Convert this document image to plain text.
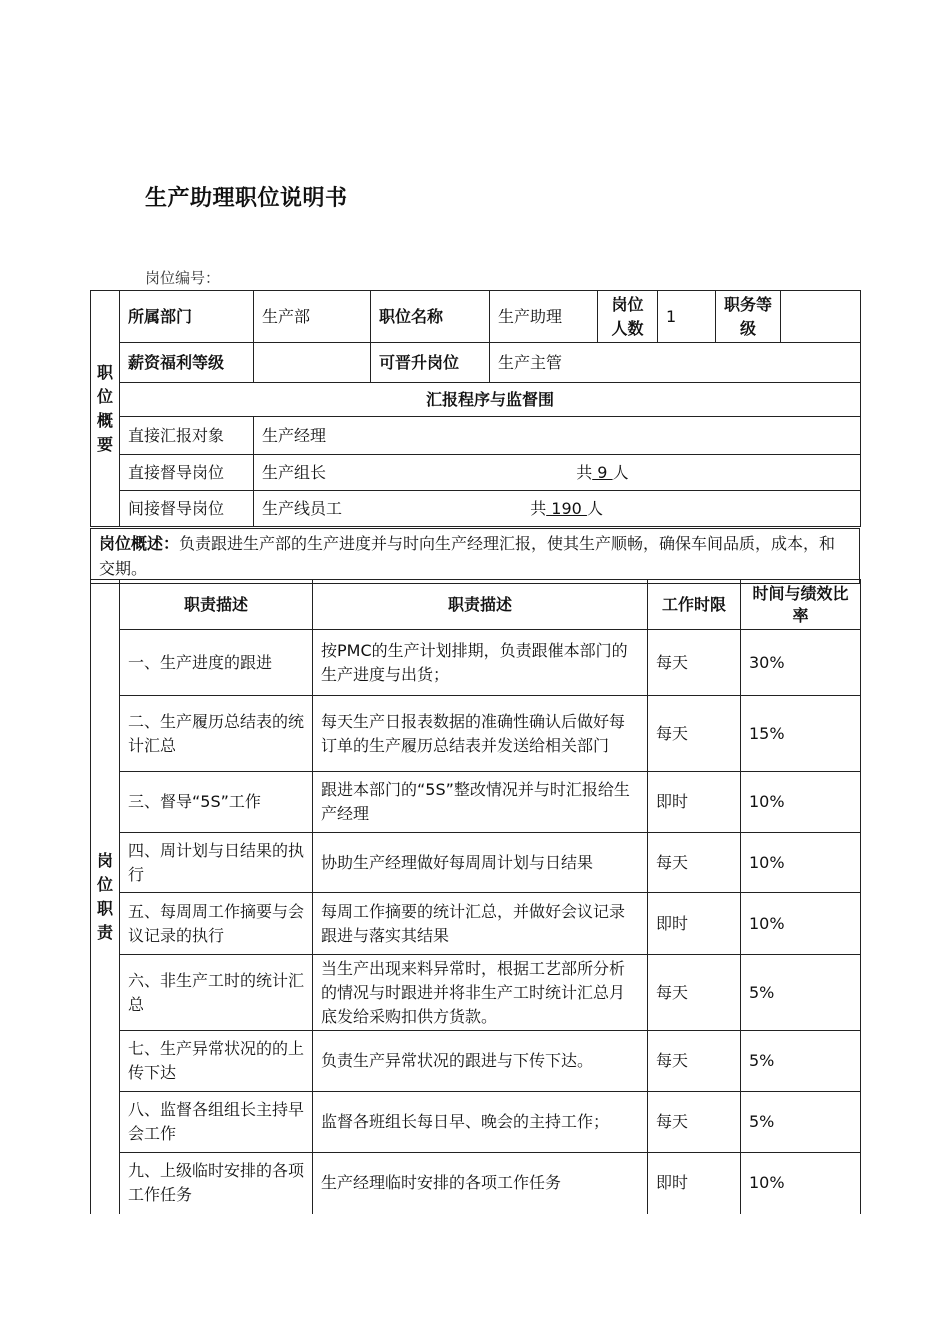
生产助理职位说明书
岗位编号：
职
位
概
要	所属部门	生产部	职位名称	生产助理	岗位人数	1	职务等级	
	薪资福利等级		可晋升岗位	生产主管				
	汇报程序与监督围							
	直接汇报对象	生产经理						
	直接督导岗位	生产组长 共 9 人						
	间接督导岗位	生产线员工 共 190 人						
岗位概述：负责跟进生产部的生产进度并与时向生产经理汇报，使其生产顺畅，确保车间品质，成本，和交期。
岗
位
职
责	职责描述	职责描述	工作时限	时间与绩效比率
	一、生产进度的跟进	按PMC的生产计划排期，负责跟催本部门的生产进度与出货；	每天	30%
	二、生产履历总结表的统计汇总	每天生产日报表数据的准确性确认后做好每订单的生产履历总结表并发送给相关部门	每天	15%
	三、督导“5S”工作	跟进本部门的“5S”整改情况并与时汇报给生产经理	即时	10%
	四、周计划与日结果的执行	协助生产经理做好每周周计划与日结果	每天	10%
	五、每周周工作摘要与会议记录的执行	每周工作摘要的统计汇总，并做好会议记录跟进与落实其结果	即时	10%
	六、非生产工时的统计汇总	当生产出现来料异常时，根据工艺部所分析的情况与时跟进并将非生产工时统计汇总月底发给采购扣供方货款。	每天	5%
	七、生产异常状况的的上传下达	负责生产异常状况的跟进与下传下达。	每天	5%
	八、监督各组组长主持早会工作	监督各班组长每日早、晚会的主持工作；	每天	5%
	九、上级临时安排的各项工作任务	生产经理临时安排的各项工作任务	即时	10%
